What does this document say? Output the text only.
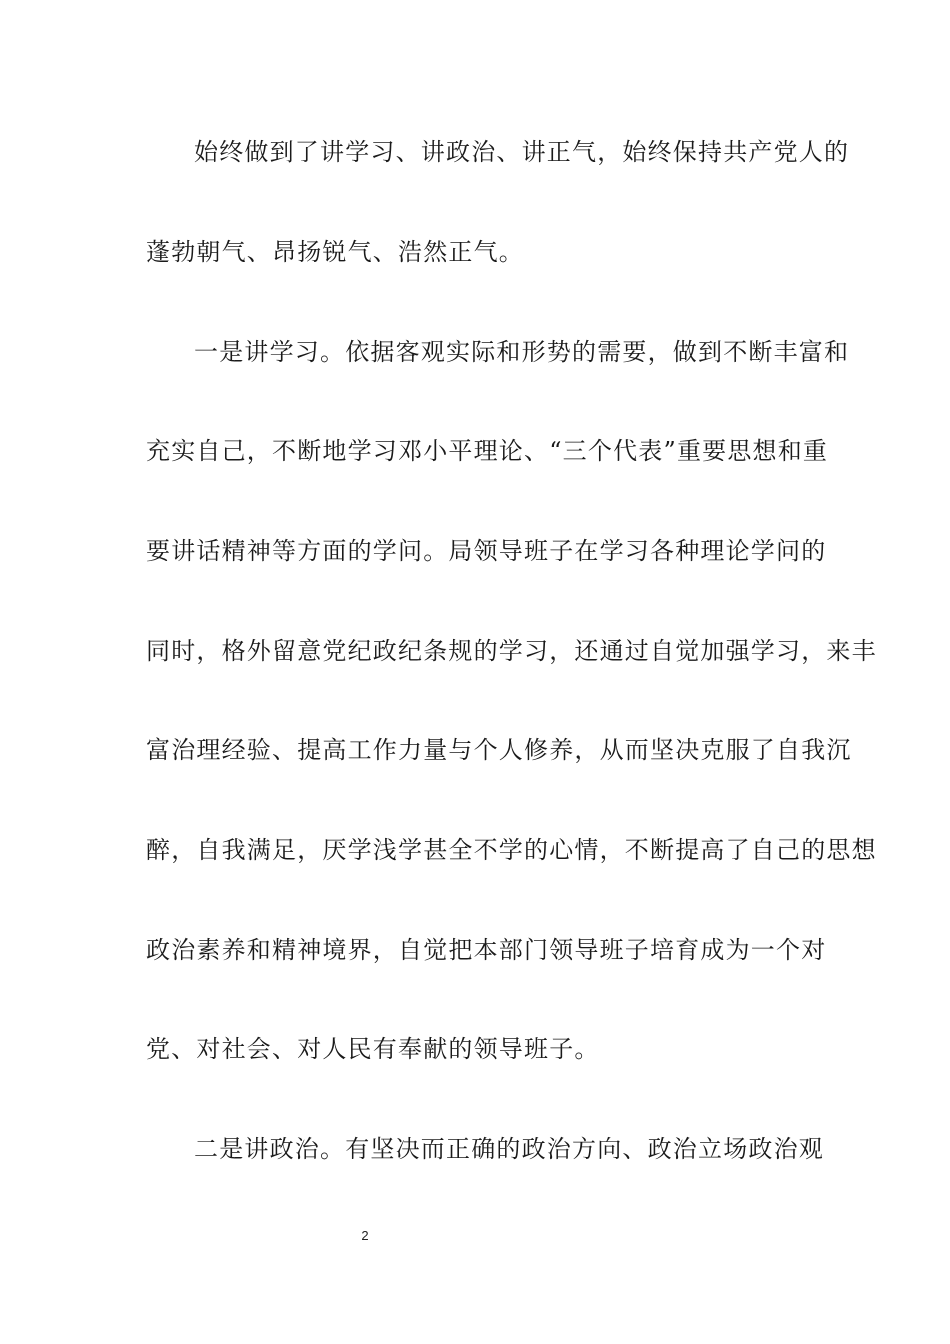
始终做到了讲学习、讲政治、讲正气，始终保持共产党人的
蓬勃朝气、昂扬锐气、浩然正气。
一是讲学习。依据客观实际和形势的需要，做到不断丰富和
充实自己，不断地学习邓小平理论、“三个代表”重要思想和重
要讲话精神等方面的学问。局领导班子在学习各种理论学问的
同时，格外留意党纪政纪条规的学习，还通过自觉加强学习，来丰
富治理经验、提高工作力量与个人修养，从而坚决克服了自我沉
醉，自我满足，厌学浅学甚全不学的心情，不断提高了自己的思想
政治素养和精神境界，自觉把本部门领导班子培育成为一个对
党、对社会、对人民有奉献的领导班子。
二是讲政治。有坚决而正确的政治方向、政治立场政治观
2
